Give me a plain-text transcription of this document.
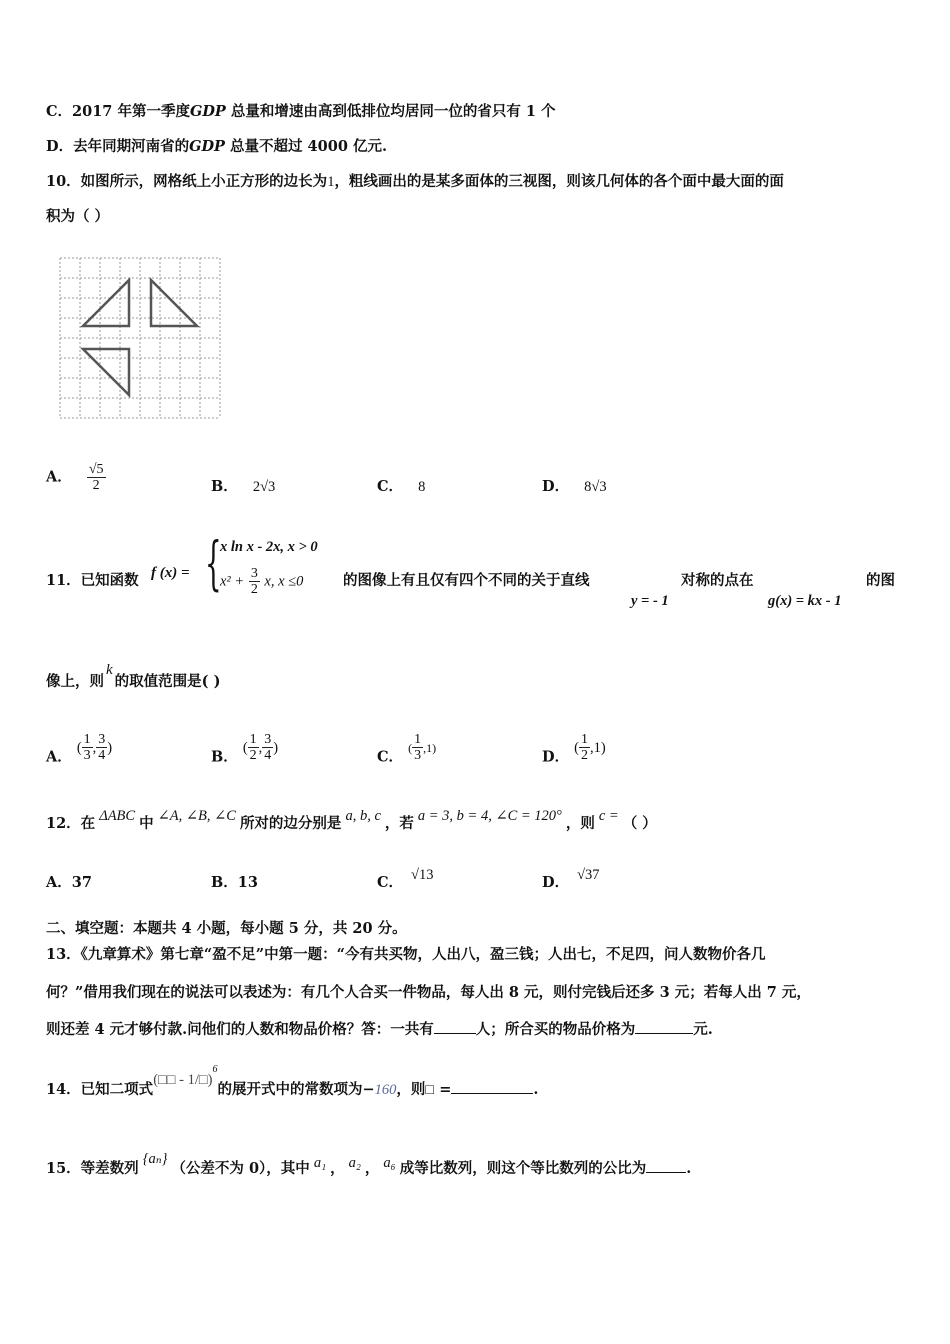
C．2017 年第一季度GDP 总量和增速由高到低排位均居同一位的省只有 1 个
D．去年同期河南省的GDP 总量不超过 4000 亿元.
10．如图所示，网格纸上小正方形的边长为1，粗线画出的是某多面体的三视图，则该几何体的各个面中最大面的面
积为（ ）
A． $\frac{√5}{2}$	B． 2√3	C． 8	D． 8√3
11．已知函数 f (x) = {
x ln x - 2x, x > 0
$x^2 + \frac{3}{2} x$, x ≤0	的图像上有且仅有四个不同的关于直线
y = - 1
对称的点在
g(x) = kx - 1
的图
像上，则k的取值范围是( )
A． ( $\frac{1}{3}$ , $\frac{3}{4}$ )
B． ( $\frac{1}{2}$ , $\frac{3}{4}$ )
C． $^( \frac{1}{3} ^{,1)}$
D． ( $\frac{1}{2} ,1$)
12．在 ΔABC 中 ∠A, ∠B, ∠C 所对的边分别是 a, b, c ，若 a = 3, b = 4, ∠C = 120° ，则 c = （ ）
A．37	B．13	C． √13	D． √37
二、填空题：本题共 4 小题，每小题 5 分，共 20 分。
13．《九章算术》第七章“盈不足”中第一题：“今有共买物，人出八，盈三钱；人出七，不足四，问人数物价各几
何？”借用我们现在的说法可以表述为：有几个人合买一件物品，每人出 8 元，则付完钱后还多 3 元；若每人出 7 元，
则还差 4 元才够付款.问他们的人数和物品价格？答：一共有	人；所合买的物品价格为	元.
14．已知二项式(□□ - 1/□)$^6$的展开式中的常数项为−160，则□ =	.
15．等差数列{aₙ}（公差不为 0），其中 a₁ ， a₂ ， a₆ 成等比数列，则这个等比数列的公比为	.
